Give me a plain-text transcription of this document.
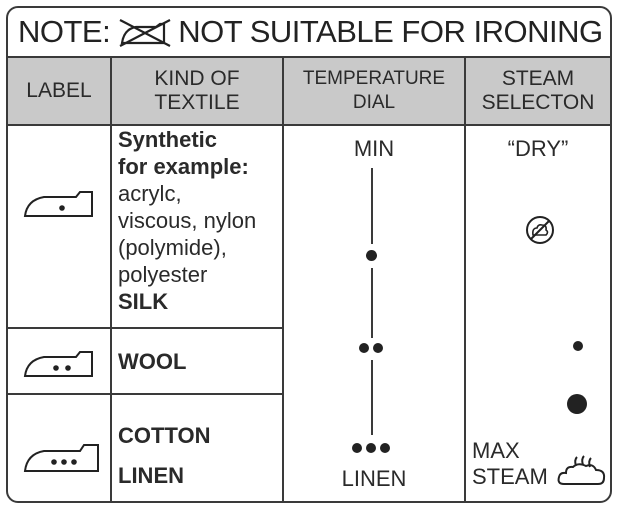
NOTE: NOT SUITABLE FOR IRONING
LABEL
KIND OF
TEXTILE
TEMPERATURE
DIAL
STEAM
SELECTON
Synthetic
for example:
acrylc,
viscous, nylon
(polymide),
polyester
SILK
WOOL
COTTON
LINEN
MIN
LINEN
“DRY”
MAX
STEAM
